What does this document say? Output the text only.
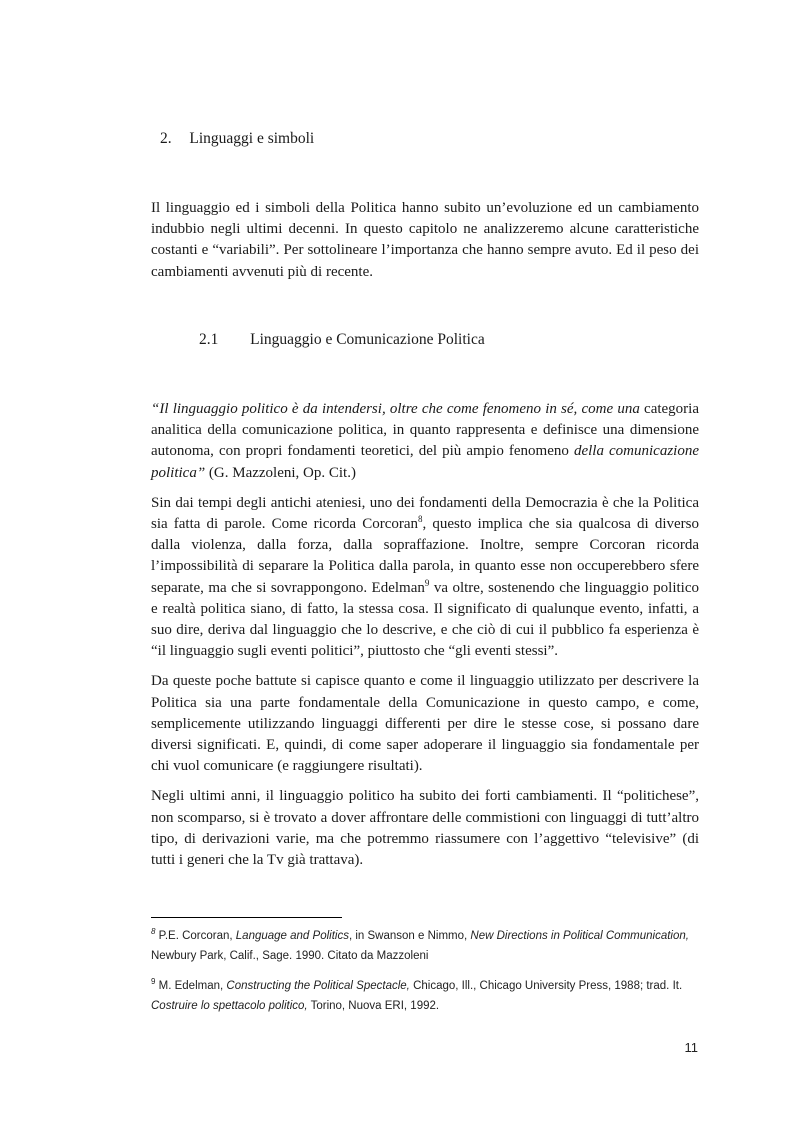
2. Linguaggi e simboli

Il linguaggio ed i simboli della Politica hanno subito un’evoluzione ed un cambiamento indubbio negli ultimi decenni. In questo capitolo ne analizzeremo alcune caratteristiche costanti e “variabili”. Per sottolineare l’importanza che hanno sempre avuto. Ed il peso dei cambiamenti avvenuti più di recente.

2.1 Linguaggio e Comunicazione Politica

“Il linguaggio politico è da intendersi, oltre che come fenomeno in sé, come una categoria analitica della comunicazione politica, in quanto rappresenta e definisce una dimensione autonoma, con propri fondamenti teoretici, del più ampio fenomeno della comunicazione politica” (G. Mazzoleni, Op. Cit.)

Sin dai tempi degli antichi ateniesi, uno dei fondamenti della Democrazia è che la Politica sia fatta di parole. Come ricorda Corcoran$^8$, questo implica che sia qualcosa di diverso dalla violenza, dalla forza, dalla sopraffazione. Inoltre, sempre Corcoran ricorda l’impossibilità di separare la Politica dalla parola, in quanto esse non occuperebbero sfere separate, ma che si sovrappongono. Edelman$^9$ va oltre, sostenendo che linguaggio politico e realtà politica siano, di fatto, la stessa cosa. Il significato di qualunque evento, infatti, a suo dire, deriva dal linguaggio che lo descrive, e che ciò di cui il pubblico fa esperienza è “il linguaggio sugli eventi politici”, piuttosto che “gli eventi stessi”.

Da queste poche battute si capisce quanto e come il linguaggio utilizzato per descrivere la Politica sia una parte fondamentale della Comunicazione in questo campo, e come, semplicemente utilizzando linguaggi differenti per dire le stesse cose, si possano dare diversi significati. E, quindi, di come saper adoperare il linguaggio sia fondamentale per chi vuol comunicare (e raggiungere risultati).

Negli ultimi anni, il linguaggio politico ha subito dei forti cambiamenti. Il “politichese”, non scomparso, si è trovato a dover affrontare delle commistioni con linguaggi di tutt’altro tipo, di derivazioni varie, ma che potremmo riassumere con l’aggettivo “televisive” (di tutti i generi che la Tv già trattava).

$^8$ P.E. Corcoran, Language and Politics, in Swanson e Nimmo, New Directions in Political Communication, Newbury Park, Calif., Sage. 1990. Citato da Mazzoleni

$^9$ M. Edelman, Constructing the Political Spectacle, Chicago, Ill., Chicago University Press, 1988; trad. It. Costruire lo spettacolo politico, Torino, Nuova ERI, 1992.

11
